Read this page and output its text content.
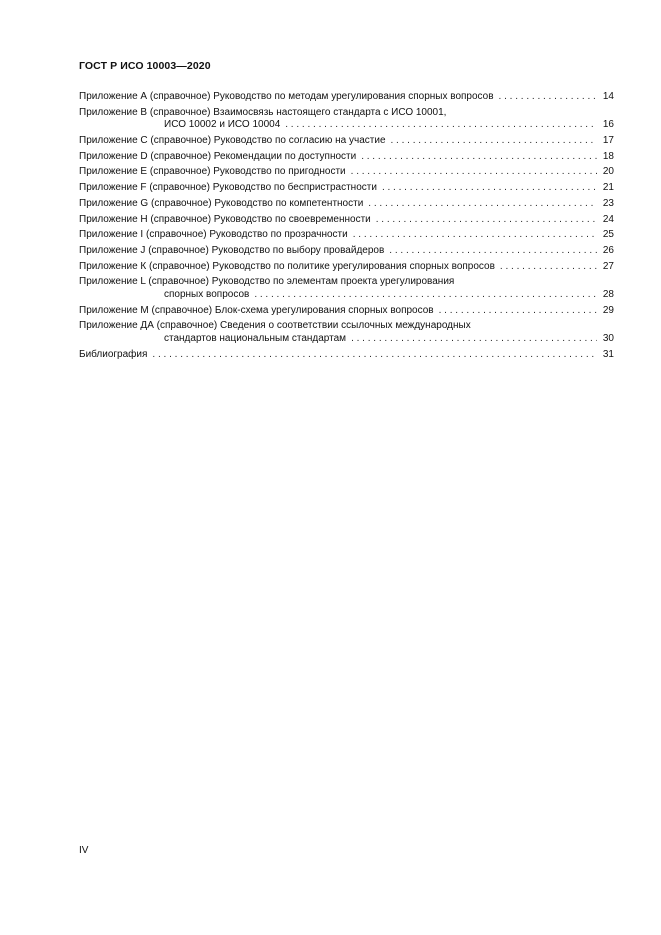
ГОСТ Р ИСО 10003—2020
Приложение А (справочное) Руководство по методам урегулирования спорных вопросов . . .	14
Приложение В (справочное) Взаимосвязь настоящего стандарта с ИСО 10001,
ИСО 10002 и ИСО 10004 . . .	16
Приложение С (справочное) Руководство по согласию на участие . . .	17
Приложение D (справочное) Рекомендации по доступности . . .	18
Приложение E (справочное) Руководство по пригодности . . .	20
Приложение F (справочное) Руководство по беспристрастности . . .	21
Приложение G (справочное) Руководство по компетентности . . .	23
Приложение Н (справочное) Руководство по своевременности . . .	24
Приложение I (справочное) Руководство по прозрачности . . .	25
Приложение J (справочное) Руководство по выбору провайдеров . . .	26
Приложение К (справочное) Руководство по политике урегулирования спорных вопросов . . .	27
Приложение L (справочное) Руководство по элементам проекта урегулирования
спорных вопросов . . .	28
Приложение М (справочное) Блок-схема урегулирования спорных вопросов . . .	29
Приложение ДА (справочное) Сведения о соответствии ссылочных международных
стандартов национальным стандартам . . .	30
Библиография . . .	31
IV
